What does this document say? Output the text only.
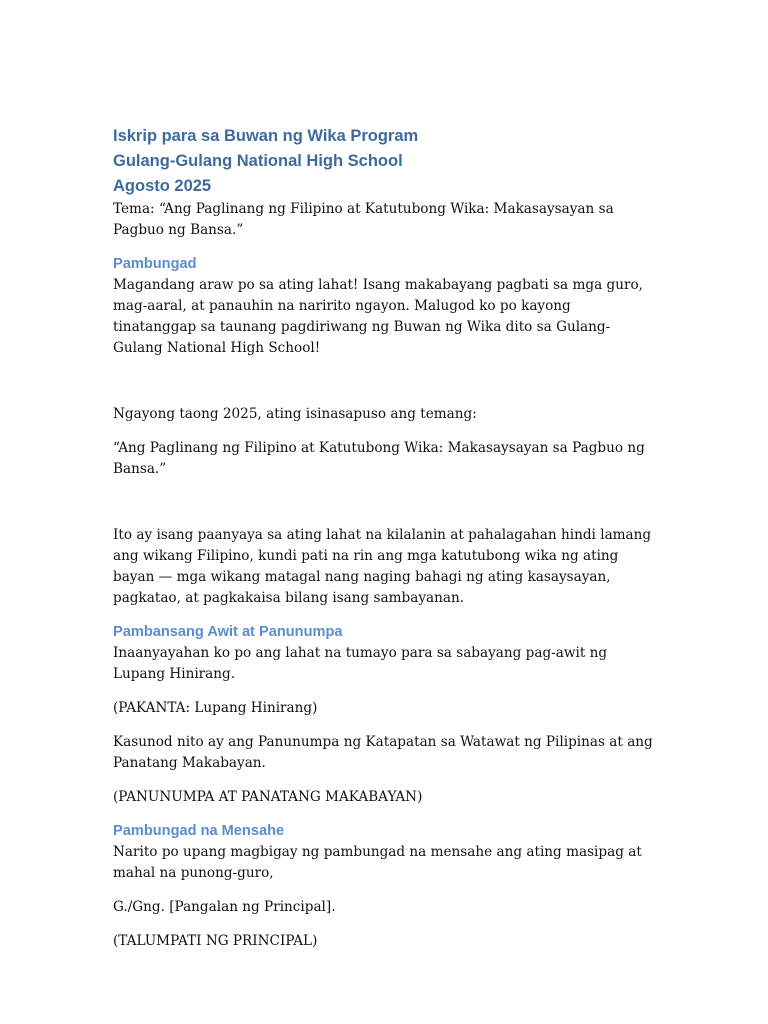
Iskrip para sa Buwan ng Wika Program
Gulang-Gulang National High School
Agosto 2025

Tema: “Ang Paglinang ng Filipino at Katutubong Wika: Makasaysayan sa Pagbuo ng Bansa.”

Pambungad

Magandang araw po sa ating lahat! Isang makabayang pagbati sa mga guro, mag-aaral, at panauhin na naririto ngayon. Malugod ko po kayong tinatanggap sa taunang pagdiriwang ng Buwan ng Wika dito sa Gulang-Gulang National High School!

Ngayong taong 2025, ating isinasapuso ang temang:

“Ang Paglinang ng Filipino at Katutubong Wika: Makasaysayan sa Pagbuo ng Bansa.”

Ito ay isang paanyaya sa ating lahat na kilalanin at pahalagahan hindi lamang ang wikang Filipino, kundi pati na rin ang mga katutubong wika ng ating bayan — mga wikang matagal nang naging bahagi ng ating kasaysayan, pagkatao, at pagkakaisa bilang isang sambayanan.

Pambansang Awit at Panunumpa

Inaanyayahan ko po ang lahat na tumayo para sa sabayang pag-awit ng Lupang Hinirang.

(PAKANTA: Lupang Hinirang)

Kasunod nito ay ang Panunumpa ng Katapatan sa Watawat ng Pilipinas at ang Panatang Makabayan.

(PANUNUMPA AT PANATANG MAKABAYAN)

Pambungad na Mensahe

Narito po upang magbigay ng pambungad na mensahe ang ating masipag at mahal na punong-guro,

G./Gng. [Pangalan ng Principal].

(TALUMPATI NG PRINCIPAL)
